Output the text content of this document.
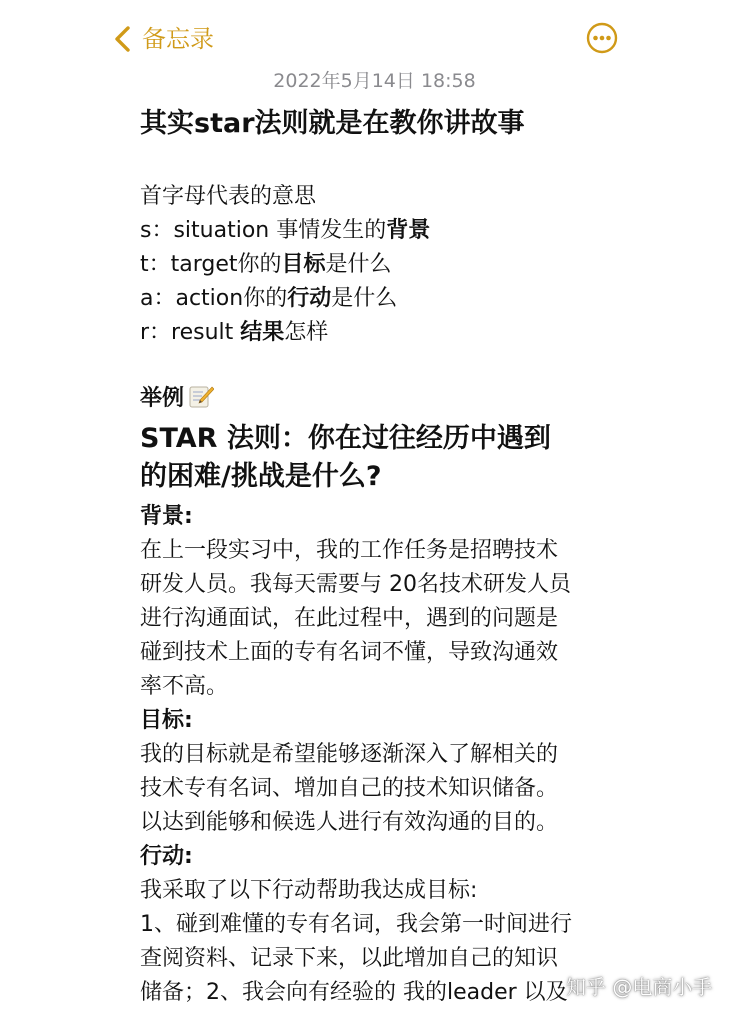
备忘录
2022年5月14日 18:58
其实star法则就是在教你讲故事
首字母代表的意思
s：situation 事情发生的背景
t：target你的目标是什么
a：action你的行动是什么
r：result 结果怎样
举例
STAR 法则：你在过往经历中遇到
的困难/挑战是什么?
背景:
在上一段实习中，我的工作任务是招聘技术
研发人员。我每天需要与 20名技术研发人员
进行沟通面试，在此过程中，遇到的问题是
碰到技术上面的专有名词不懂，导致沟通效
率不高。
目标:
我的目标就是希望能够逐渐深入了解相关的
技术专有名词、增加自己的技术知识储备。
以达到能够和候选人进行有效沟通的目的。
行动:
我采取了以下行动帮助我达成目标:
1、碰到难懂的专有名词，我会第一时间进行
查阅资料、记录下来，以此增加自己的知识
储备；2、我会向有经验的 我的leader 以及
知乎 @电商小手
